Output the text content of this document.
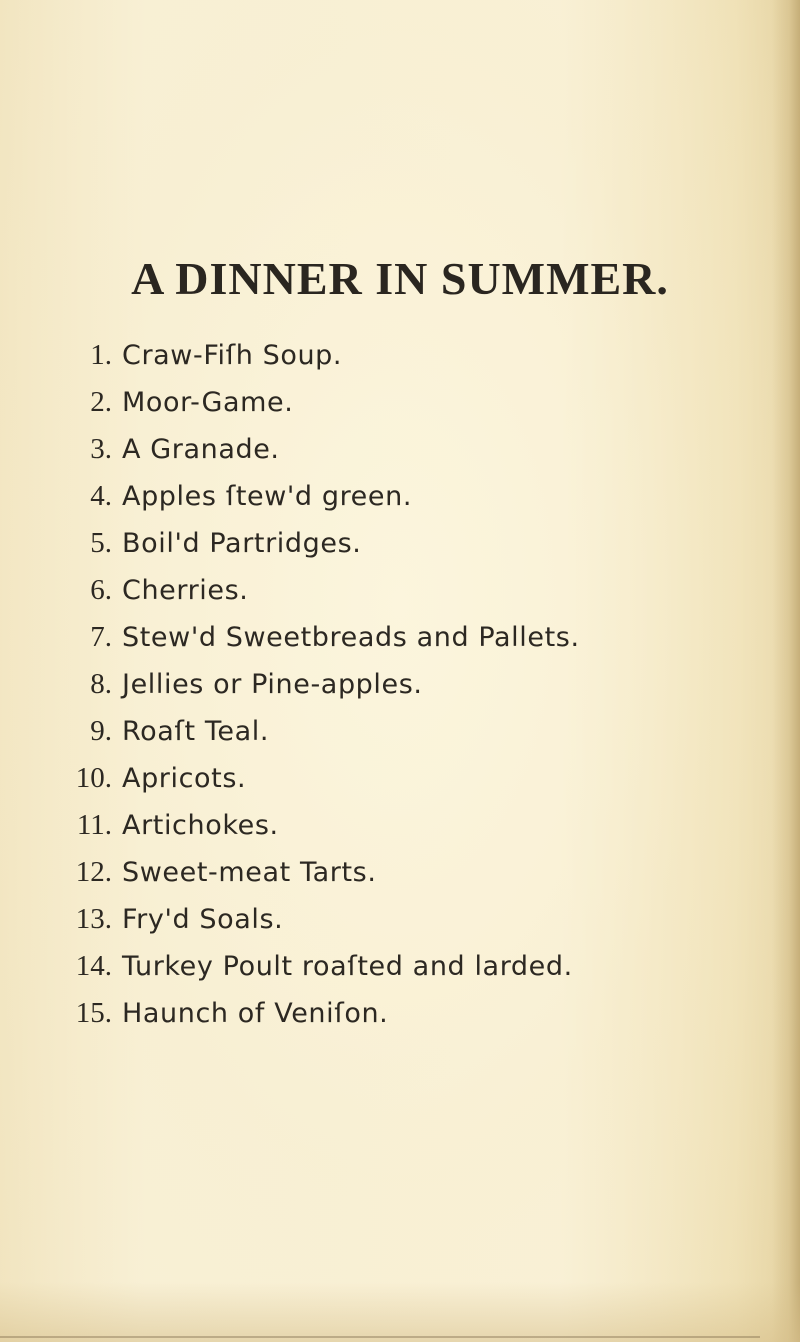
A DINNER IN SUMMER.
1. Craw-Fiſh Soup.
2. Moor-Game.
3. A Granade.
4. Apples ſtew'd green.
5. Boil'd Partridges.
6. Cherries.
7. Stew'd Sweetbreads and Pallets.
8. Jellies or Pine-apples.
9. Roaſt Teal.
10. Apricots.
11. Artichokes.
12. Sweet-meat Tarts.
13. Fry'd Soals.
14. Turkey Poult roaſted and larded.
15. Haunch of Veniſon.
